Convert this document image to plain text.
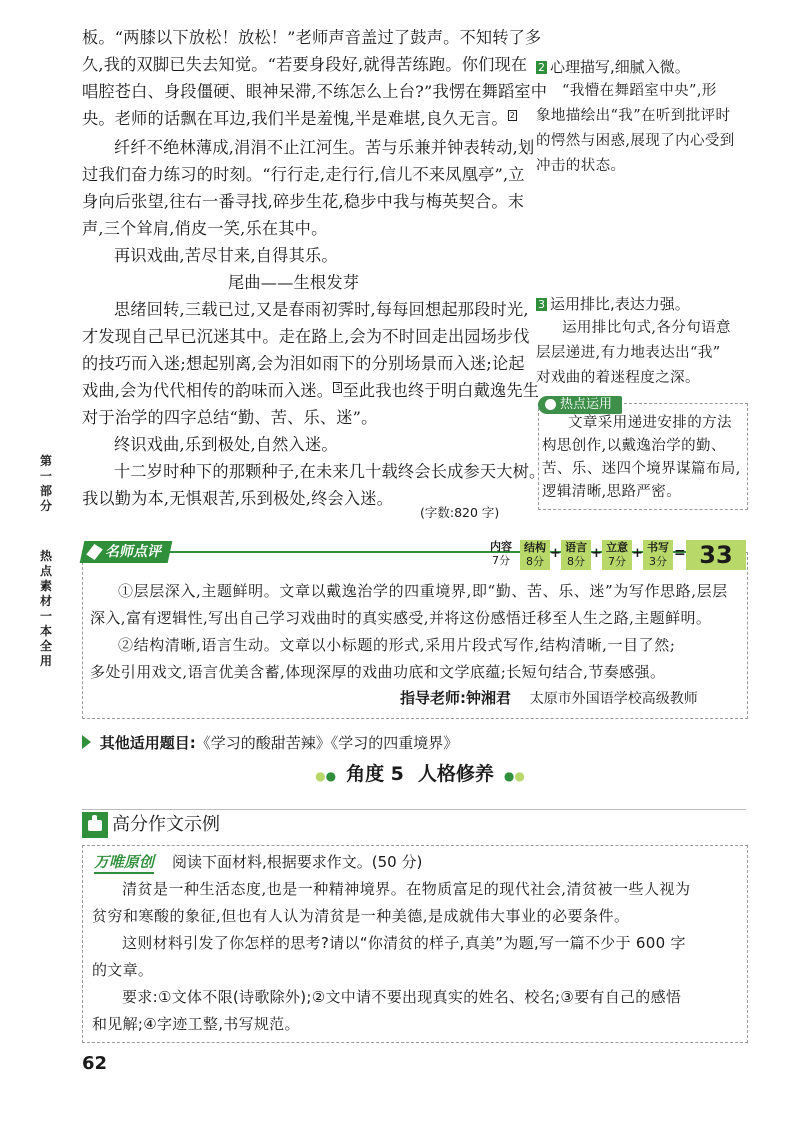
板。“两膝以下放松！放松！”老师声音盖过了鼓声。不知转了多
久,我的双脚已失去知觉。“若要身段好,就得苦练跑。你们现在
唱腔苍白、身段僵硬、眼神呆滞,不练怎么上台?”我愣在舞蹈室中
央。老师的话飘在耳边,我们半是羞愧,半是难堪,良久无言。 2
纤纤不绝林薄成,涓涓不止江河生。苦与乐兼并钟表转动,划
过我们奋力练习的时刻。“行行走,走行行,信儿不来凤凰亭”,立
身向后张望,往右一番寻找,碎步生花,稳步中我与梅英契合。末
声,三个耸肩,俏皮一笑,乐在其中。
再识戏曲,苦尽甘来,自得其乐。
尾曲——生根发芽
思绪回转,三载已过,又是春雨初霁时,每每回想起那段时光,
才发现自己早已沉迷其中。走在路上,会为不时回走出园场步伐
的技巧而入迷;想起别离,会为泪如雨下的分别场景而入迷;论起
戏曲,会为代代相传的韵味而入迷。 3 至此我也终于明白戴逸先生
对于治学的四字总结“勤、苦、乐、迷”。
终识戏曲,乐到极处,自然入迷。
十二岁时种下的那颗种子,在未来几十载终会长成参天大树。
我以勤为本,无惧艰苦,乐到极处,终会入迷。
(字数:820 字)
2 心理描写,细腻入微。
“我懵在舞蹈室中央”,形
象地描绘出“我”在听到批评时
的愕然与困惑,展现了内心受到
冲击的状态。
3 运用排比,表达力强。
运用排比句式,各分句语意
层层递进,有力地表达出“我”
对戏曲的着迷程度之深。
热点运用
文章采用递进安排的方法
构思创作,以戴逸治学的勤、
苦、乐、迷四个境界谋篇布局,
逻辑清晰,思路严密。
第
一
部
分
热
点
素
材
一
本
全
用
名师点评	内容
7分
结构
8分
+ 语言
8分
+ 立意
7分
+ 书写
3分
= 33
①层层深入,主题鲜明。文章以戴逸治学的四重境界,即“勤、苦、乐、迷”为写作思路,层层
深入,富有逻辑性,写出自己学习戏曲时的真实感受,并将这份感悟迁移至人生之路,主题鲜明。
②结构清晰,语言生动。文章以小标题的形式,采用片段式写作,结构清晰,一目了然;
多处引用戏文,语言优美含蓄,体现深厚的戏曲功底和文学底蕴;长短句结合,节奏感强。
指导老师:钟湘君 太原市外国语学校高级教师
其他适用题目:《学习的酸甜苦辣》《学习的四重境界》
●● 角度 5 人格修养 ●●
高分作文示例
万唯原创 阅读下面材料,根据要求作文。(50 分)
清贫是一种生活态度,也是一种精神境界。在物质富足的现代社会,清贫被一些人视为
贫穷和寒酸的象征,但也有人认为清贫是一种美德,是成就伟大事业的必要条件。
这则材料引发了你怎样的思考?请以“你清贫的样子,真美”为题,写一篇不少于 600 字
的文章。
要求:①文体不限(诗歌除外);②文中请不要出现真实的姓名、校名;③要有自己的感悟
和见解;④字迹工整,书写规范。
62
